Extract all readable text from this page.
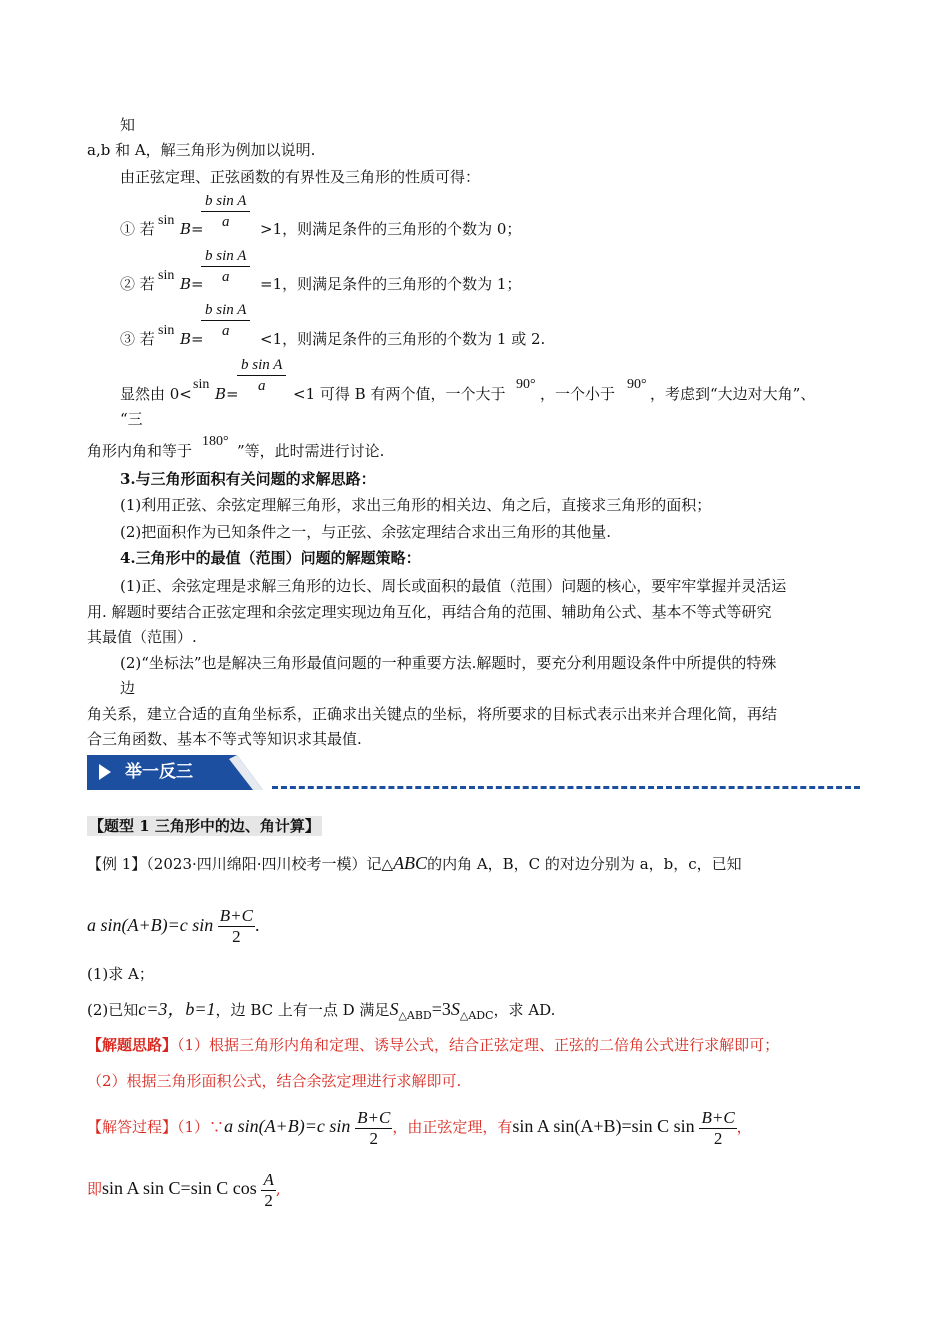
知
a,b 和 A，解三角形为例加以说明.
由正弦定理、正弦函数的有界性及三角形的性质可得：
b sin A
a
① 若 sin B=	>1，则满足条件的三角形的个数为 0；
b sin A
a
② 若 sin B=	=1，则满足条件的三角形的个数为 1；
b sin A
a
③ 若 sin B=	<1，则满足条件的三角形的个数为 1 或 2.
b sin A
a
显然由 0<
sin
B=	<1 可得 B 有两个值，一个大于
90°
，一个小于
90°
，考虑到“大边对大角”、
“三
角形内角和等于
180°
”等，此时需进行讨论.
3.与三角形面积有关问题的求解思路：
(1)利用正弦、余弦定理解三角形，求出三角形的相关边、角之后，直接求三角形的面积；
(2)把面积作为已知条件之一，与正弦、余弦定理结合求出三角形的其他量.
4.三角形中的最值（范围）问题的解题策略：
(1)正、余弦定理是求解三角形的边长、周长或面积的最值（范围）问题的核心，要牢牢掌握并灵活运
用. 解题时要结合正弦定理和余弦定理实现边角互化，再结合角的范围、辅助角公式、基本不等式等研究
其最值（范围）.
(2)“坐标法”也是解决三角形最值问题的一种重要方法.解题时，要充分利用题设条件中所提供的特殊
边
角关系，建立合适的直角坐标系，正确求出关键点的坐标，将所要求的目标式表示出来并合理化简，再结
合三角函数、基本不等式等知识求其最值.
举一反三
【题型 1 三角形中的边、角计算】
【例 1】（2023·四川绵阳·四川校考一模）记△ABC的内角 A，B，C 的对边分别为 a，b，c，已知
a sin(A+B)=c $\sin \frac{B+C}{2}$ .
(1)求 A；
(2)已知c=3，b=1，边 BC 上有一点 D 满足$S_{\triangle ABD}=3S_{\triangle ADC}$，求 AD.
【解题思路】（1）根据三角形内角和定理、诱导公式，结合正弦定理、正弦的二倍角公式进行求解即可；
（2）根据三角形面积公式，结合余弦定理进行求解即可.
【解答过程】（1）∵a sin(A+B)=c $\sin \frac{B+C}{2}$ ，由正弦定理，有sin A sin(A+B)=sin C $\sin \frac{B+C}{2}$ ，
即sin A sin C=sin C $\cos \frac{A}{2}$ ,
